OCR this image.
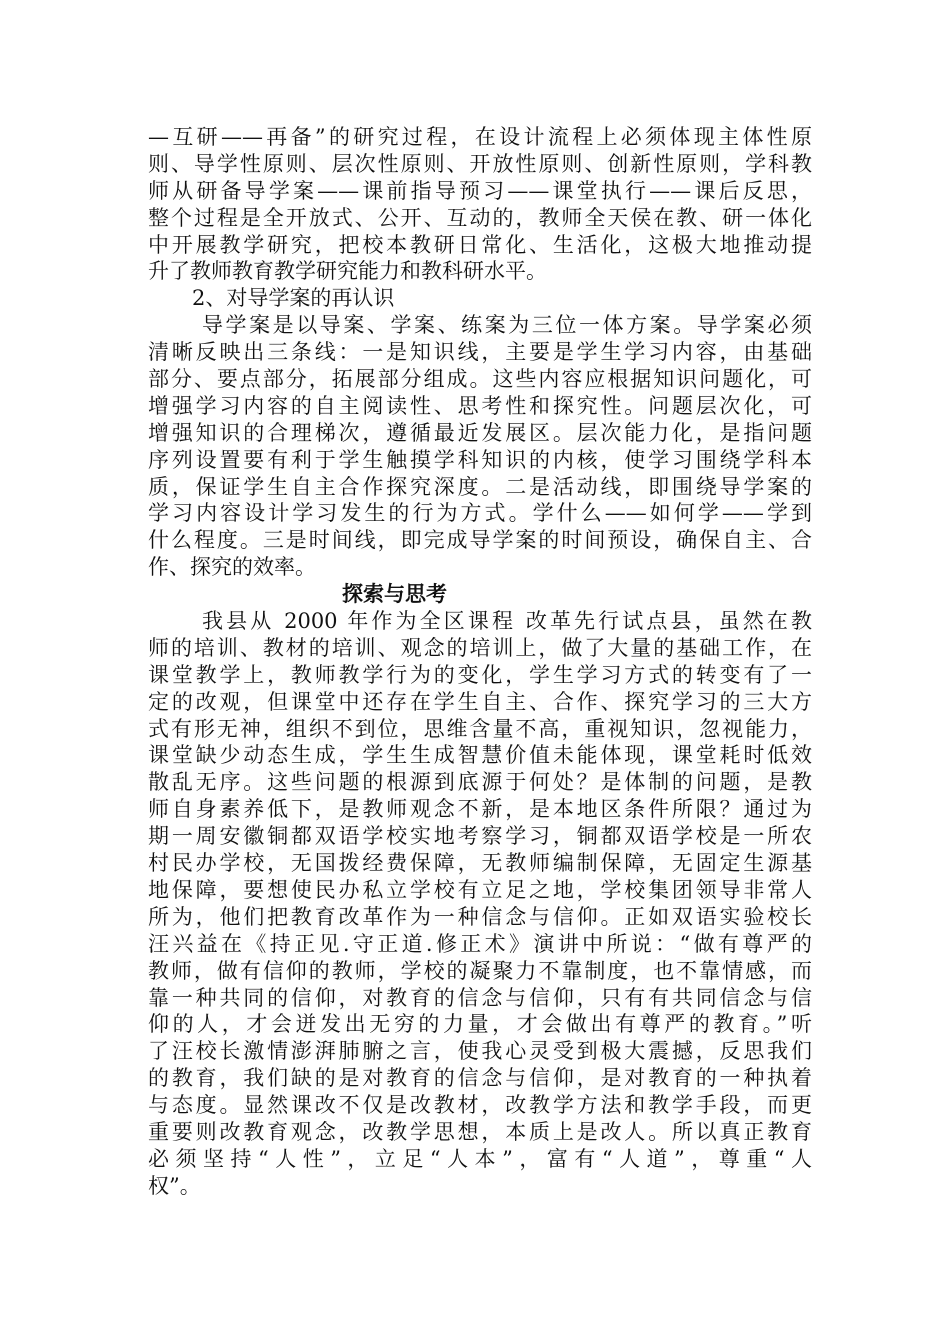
—互研——再备”的研究过程，在设计流程上必须体现主体性原
则、导学性原则、层次性原则、开放性原则、创新性原则，学科教
师从研备导学案——课前指导预习——课堂执行——课后反思，
整个过程是全开放式、公开、互动的，教师全天侯在教、研一体化
中开展教学研究，把校本教研日常化、生活化，这极大地推动提
升了教师教育教学研究能力和教科研水平。
2、对导学案的再认识
导学案是以导案、学案、练案为三位一体方案。导学案必须
清晰反映出三条线：一是知识线，主要是学生学习内容，由基础
部分、要点部分，拓展部分组成。这些内容应根据知识问题化，可
增强学习内容的自主阅读性、思考性和探究性。问题层次化，可
增强知识的合理梯次，遵循最近发展区。层次能力化，是指问题
序列设置要有利于学生触摸学科知识的内核，使学习围绕学科本
质，保证学生自主合作探究深度。二是活动线，即围绕导学案的
学习内容设计学习发生的行为方式。学什么——如何学——学到
什么程度。三是时间线，即完成导学案的时间预设，确保自主、合
作、探究的效率。
探索与思考
我县从 2000 年作为全区课程 改革先行试点县，虽然在教
师的培训、教材的培训、观念的培训上，做了大量的基础工作，在
课堂教学上，教师教学行为的变化，学生学习方式的转变有了一
定的改观，但课堂中还存在学生自主、合作、探究学习的三大方
式有形无神，组织不到位，思维含量不高，重视知识，忽视能力，
课堂缺少动态生成，学生生成智慧价值未能体现，课堂耗时低效
散乱无序。这些问题的根源到底源于何处？是体制的问题，是教
师自身素养低下，是教师观念不新，是本地区条件所限？通过为
期一周安徽铜都双语学校实地考察学习，铜都双语学校是一所农
村民办学校，无国拨经费保障，无教师编制保障，无固定生源基
地保障，要想使民办私立学校有立足之地，学校集团领导非常人
所为，他们把教育改革作为一种信念与信仰。正如双语实验校长
汪兴益在《持正见.守正道.修正术》演讲中所说：“做有尊严的
教师，做有信仰的教师，学校的凝聚力不靠制度，也不靠情感，而
靠一种共同的信仰，对教育的信念与信仰，只有有共同信念与信
仰的人，才会迸发出无穷的力量，才会做出有尊严的教育。”听
了汪校长激情澎湃肺腑之言，使我心灵受到极大震撼，反思我们
的教育，我们缺的是对教育的信念与信仰，是对教育的一种执着
与态度。显然课改不仅是改教材，改教学方法和教学手段，而更
重要则改教育观念，改教学思想，本质上是改人。所以真正教育
必须坚持“人性”，立足“人本”，富有“人道”，尊重“人
权”。
